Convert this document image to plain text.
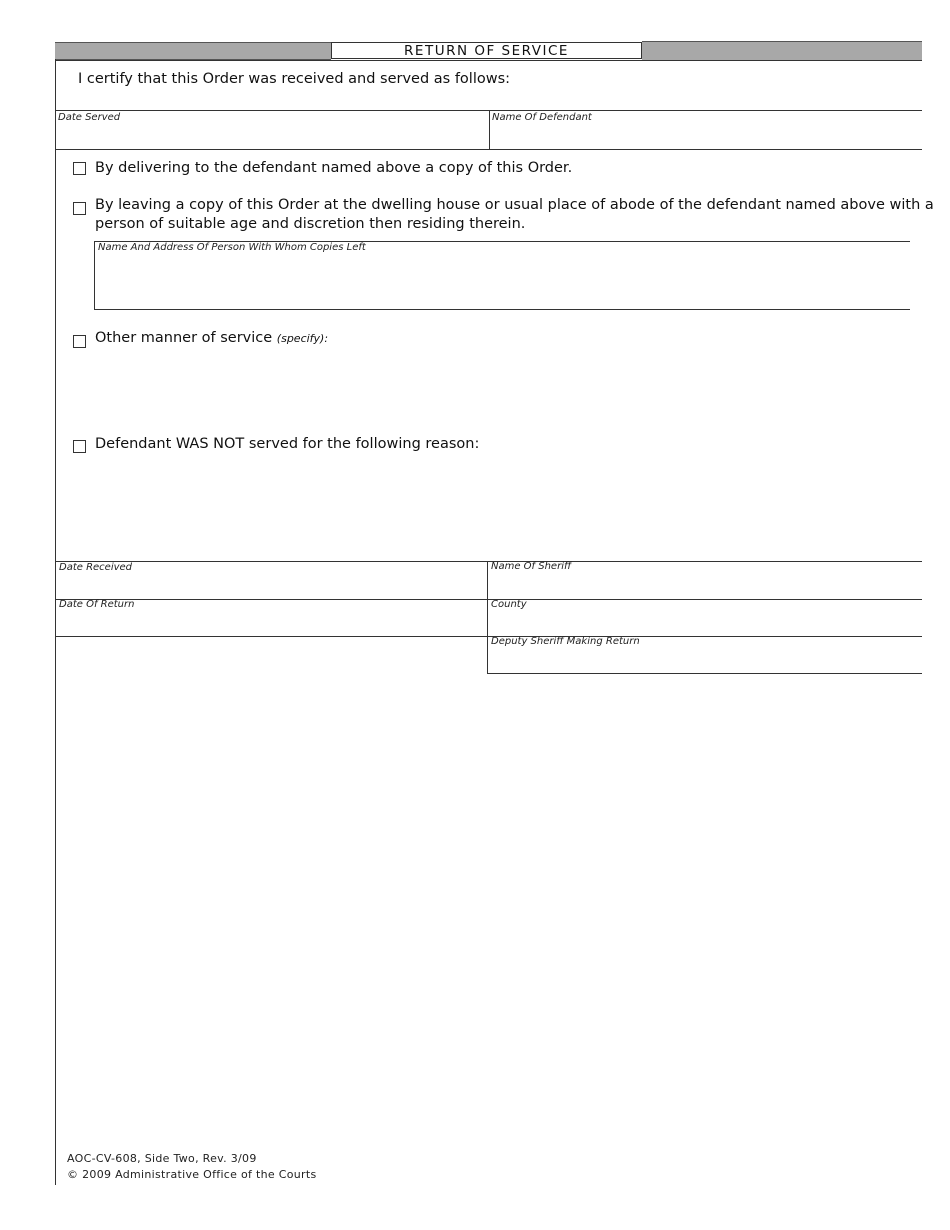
RETURN OF SERVICE
I certify that this Order was received and served as follows:
Date Served	Name Of Defendant
By delivering to the defendant named above a copy of this Order.
By leaving a copy of this Order at the dwelling house or usual place of abode of the defendant named above with a
person of suitable age and discretion then residing therein.
Name And Address Of Person With Whom Copies Left
Other manner of service (specify):
Defendant WAS NOT served for the following reason:
Date Received	Name Of Sheriff
Date Of Return	County
Deputy Sheriff Making Return
AOC-CV-608, Side Two, Rev. 3/09
© 2009 Administrative Office of the Courts
